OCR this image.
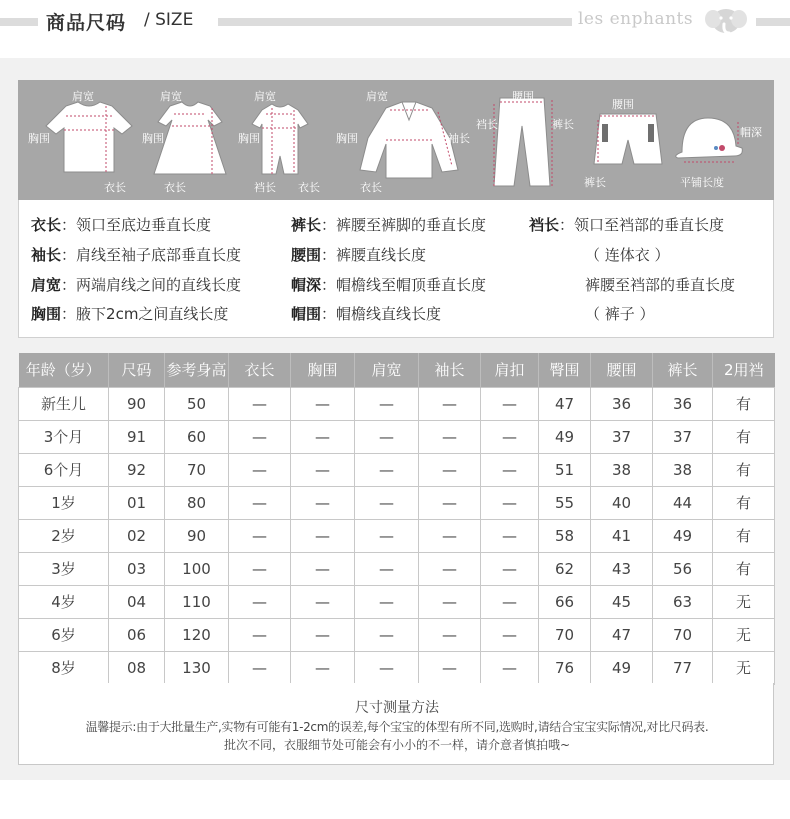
商品尺码 / SIZE	les enphants
肩宽
胸围
衣长
肩宽
胸围
衣长
肩宽
胸围
裆长 衣长
肩宽
胸围	袖长
衣长
腰围
裆长	裤长
腰围
裤长
帽深
平铺长度
衣长：领口至底边垂直长度
袖长：肩线至袖子底部垂直长度
肩宽：两端肩线之间的直线长度
胸围：腋下2cm之间直线长度
裤长：裤腰至裤脚的垂直长度
腰围：裤腰直线长度
帽深：帽檐线至帽顶垂直长度
帽围：帽檐线直线长度
裆长：领口至裆部的垂直长度
（ 连体衣 ）
裤腰至裆部的垂直长度
（ 裤子 ）
年龄（岁）	尺码	参考身高	衣长	胸围	肩宽	袖长	肩扣	臀围	腰围	裤长	2用裆
新生儿	90	50	—	—	—	—	—	47	36	36	有
3个月	91	60	—	—	—	—	—	49	37	37	有
6个月	92	70	—	—	—	—	—	51	38	38	有
1岁	01	80	—	—	—	—	—	55	40	44	有
2岁	02	90	—	—	—	—	—	58	41	49	有
3岁	03	100	—	—	—	—	—	62	43	56	有
4岁	04	110	—	—	—	—	—	66	45	63	无
6岁	06	120	—	—	—	—	—	70	47	70	无
8岁	08	130	—	—	—	—	—	76	49	77	无
尺寸测量方法
温馨提示:由于大批量生产,实物有可能有1-2cm的误差,每个宝宝的体型有所不同,选购时,请结合宝宝实际情况,对比尺码表.
批次不同，衣服细节处可能会有小小的不一样，请介意者慎拍哦~
